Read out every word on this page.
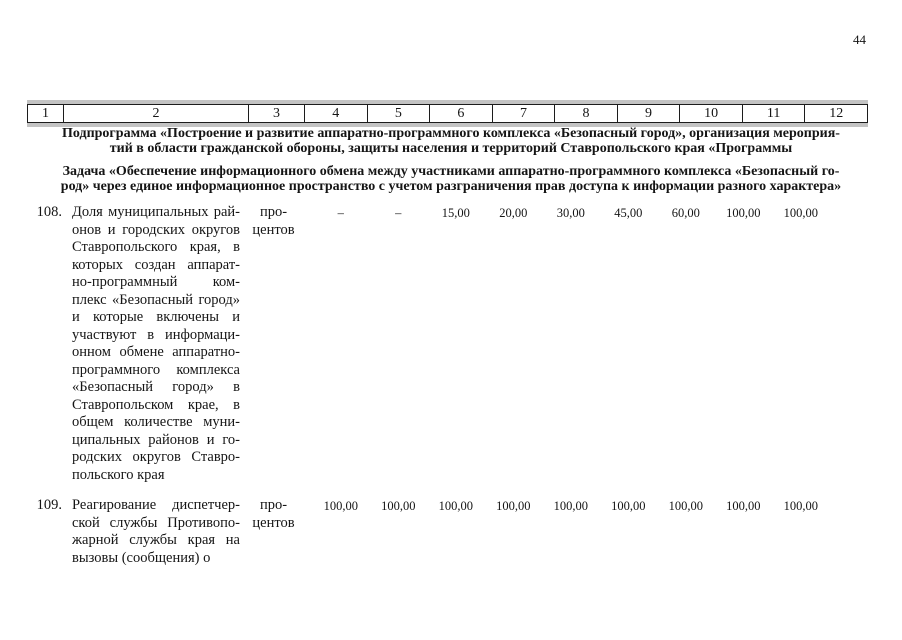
44
1	2	3	4	5	6	7	8	9	10	11	12
Подпрограмма «Построение и развитие аппаратно-программного комплекса «Безопасный город», организация мероприя-
тий в области гражданской обороны, защиты населения и территорий Ставропольского края «Программы
Задача «Обеспечение информационного обмена между участниками аппаратно-программного комплекса «Безопасный го-
род» через единое информационное пространство с учетом разграничения прав доступа к информации разного характера»
108. Доля муниципальных рай-
онов и городских округов
Ставропольского края, в
которых создан аппарат-
но-программный ком-
плекс «Безопасный город»
и которые включены и
участвуют в информаци-
онном обмене аппаратно-
программного комплекса
«Безопасный город» в
Ставропольском крае, в
общем количестве муни-
ципальных районов и го-
родских округов Ставро-
польского края
про-
центов
–	–	15,00	20,00	30,00	45,00	60,00	100,00	100,00
109. Реагирование диспетчер-
ской службы Противопо-
жарной службы края на
вызовы (сообщения) о
про-
центов
100,00	100,00	100,00	100,00	100,00	100,00	100,00	100,00	100,00
